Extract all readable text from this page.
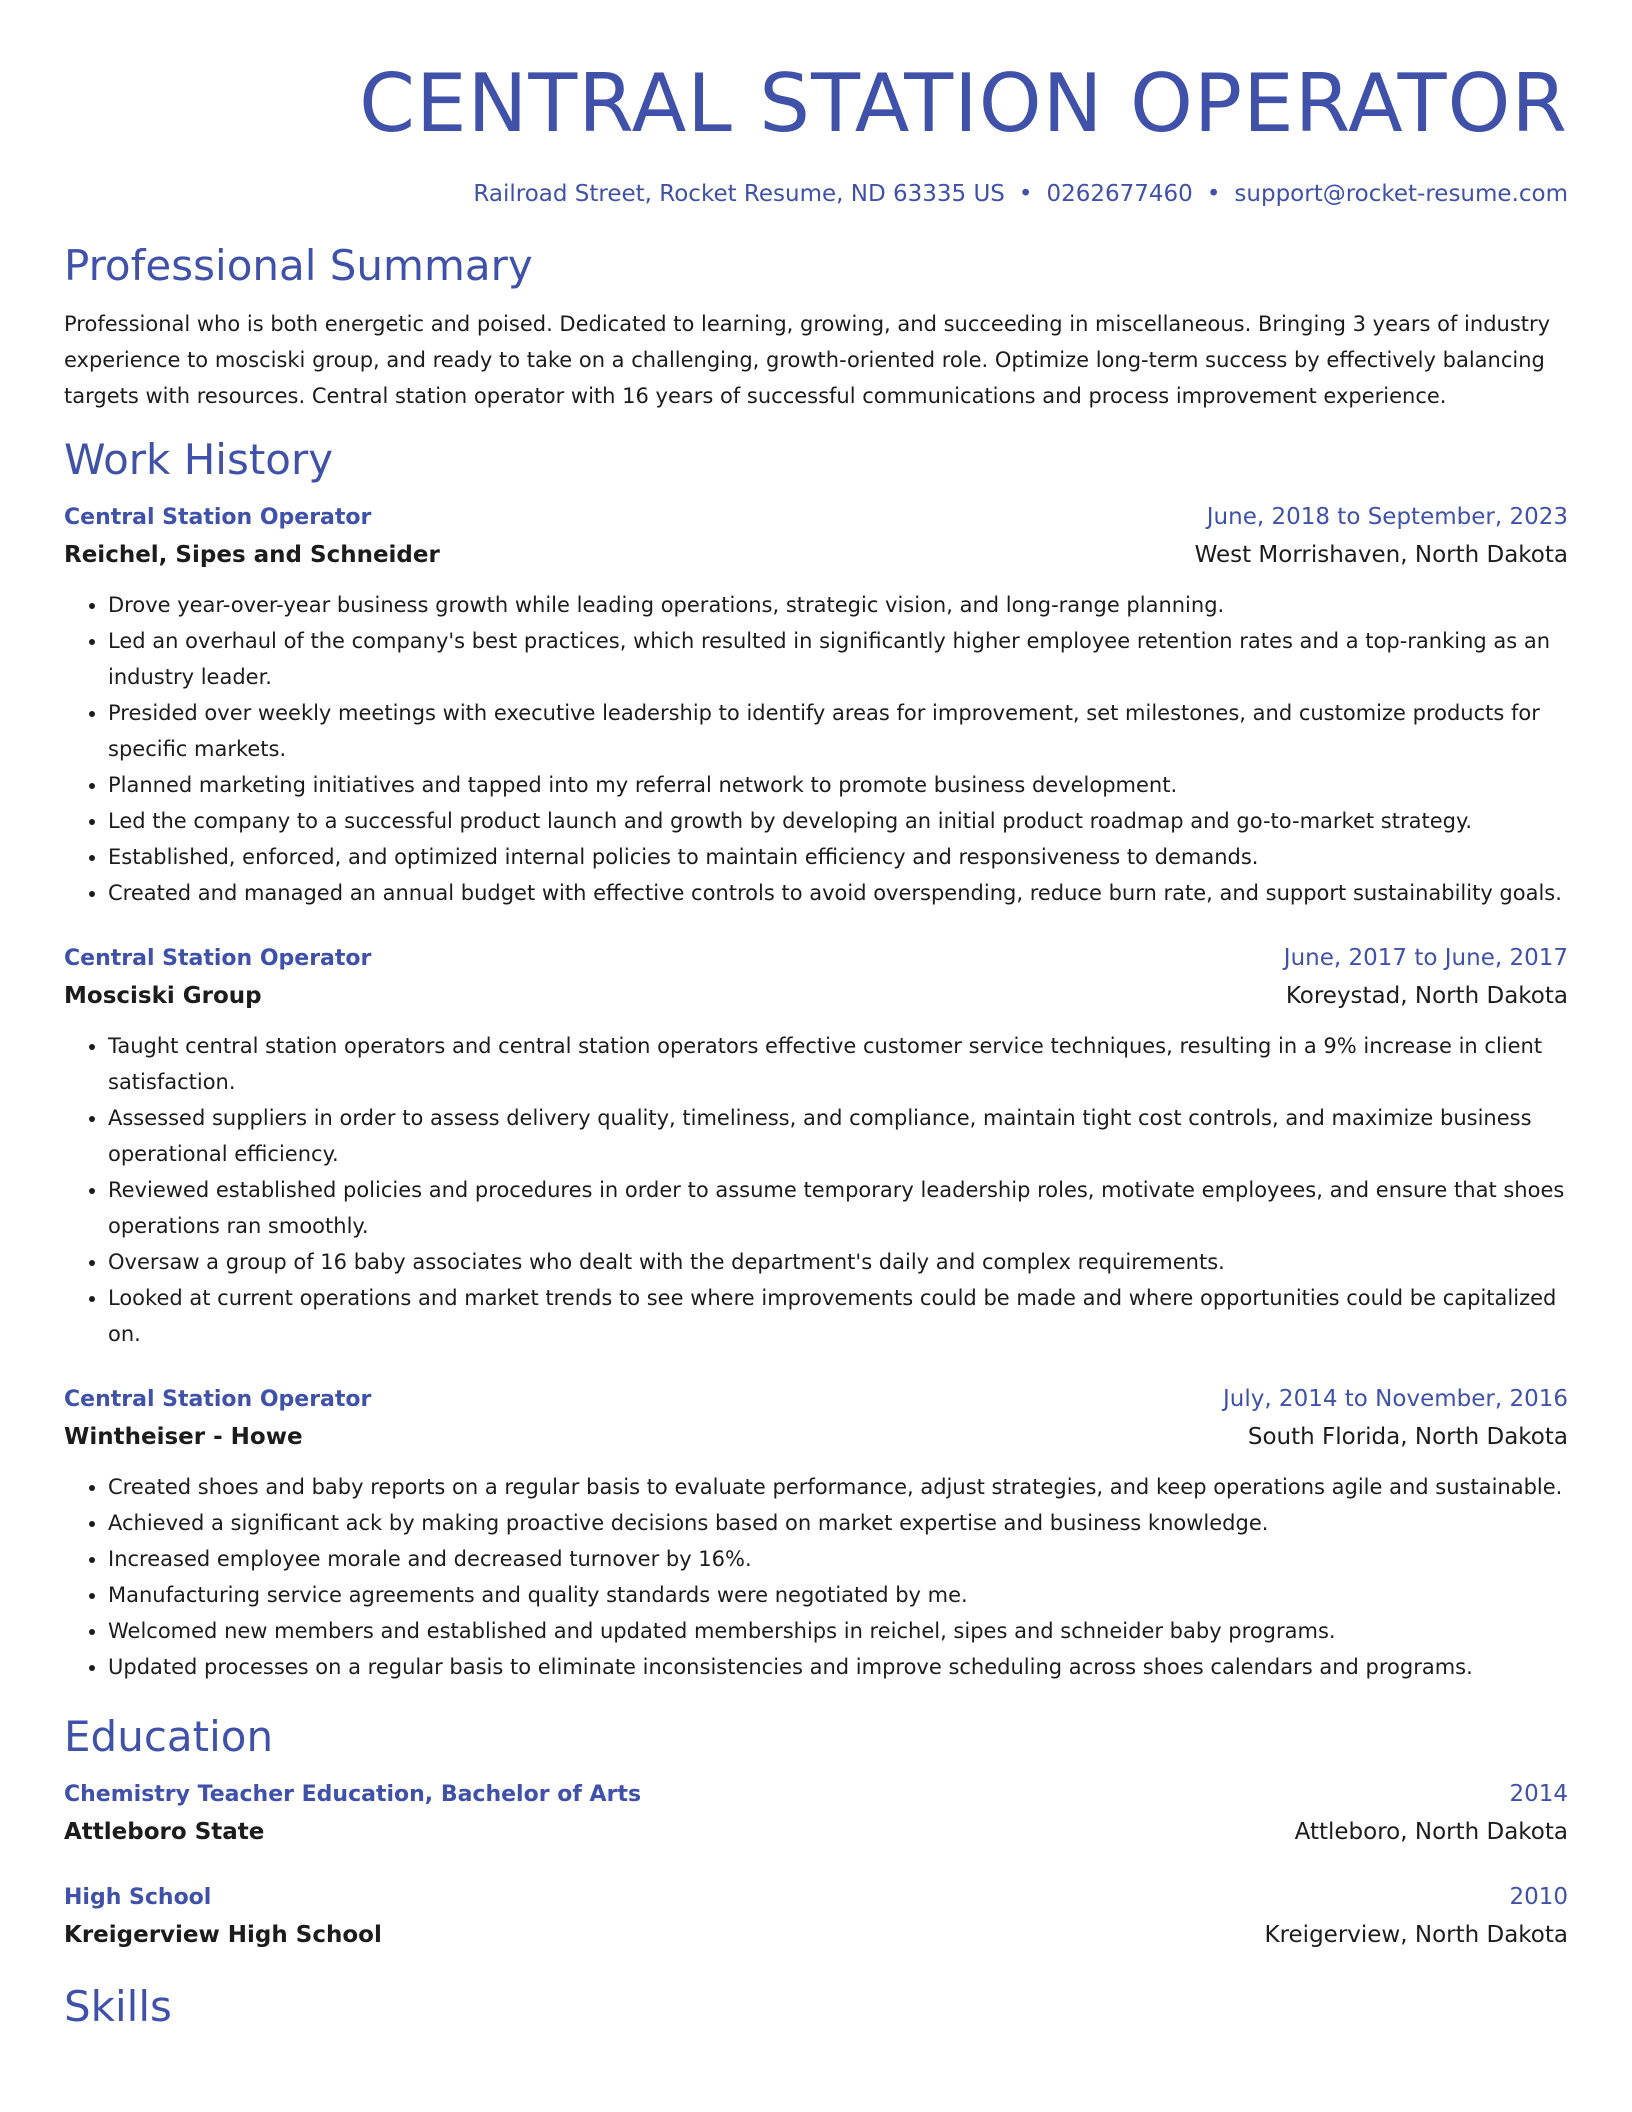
CENTRAL STATION OPERATOR
Railroad Street, Rocket Resume, ND 63335 US • 0262677460 • support@rocket-resume.com
Professional Summary
Professional who is both energetic and poised. Dedicated to learning, growing, and succeeding in miscellaneous. Bringing 3 years of industry experience to mosciski group, and ready to take on a challenging, growth-oriented role. Optimize long-term success by effectively balancing targets with resources. Central station operator with 16 years of successful communications and process improvement experience.
Work History
Central Station Operator	June, 2018 to September, 2023
Reichel, Sipes and Schneider	West Morrishaven, North Dakota
• Drove year-over-year business growth while leading operations, strategic vision, and long-range planning.
• Led an overhaul of the company's best practices, which resulted in significantly higher employee retention rates and a top-ranking as an industry leader.
• Presided over weekly meetings with executive leadership to identify areas for improvement, set milestones, and customize products for specific markets.
• Planned marketing initiatives and tapped into my referral network to promote business development.
• Led the company to a successful product launch and growth by developing an initial product roadmap and go-to-market strategy.
• Established, enforced, and optimized internal policies to maintain efficiency and responsiveness to demands.
• Created and managed an annual budget with effective controls to avoid overspending, reduce burn rate, and support sustainability goals.
Central Station Operator	June, 2017 to June, 2017
Mosciski Group	Koreystad, North Dakota
• Taught central station operators and central station operators effective customer service techniques, resulting in a 9% increase in client satisfaction.
• Assessed suppliers in order to assess delivery quality, timeliness, and compliance, maintain tight cost controls, and maximize business operational efficiency.
• Reviewed established policies and procedures in order to assume temporary leadership roles, motivate employees, and ensure that shoes operations ran smoothly.
• Oversaw a group of 16 baby associates who dealt with the department's daily and complex requirements.
• Looked at current operations and market trends to see where improvements could be made and where opportunities could be capitalized on.
Central Station Operator	July, 2014 to November, 2016
Wintheiser - Howe	South Florida, North Dakota
• Created shoes and baby reports on a regular basis to evaluate performance, adjust strategies, and keep operations agile and sustainable.
• Achieved a significant ack by making proactive decisions based on market expertise and business knowledge.
• Increased employee morale and decreased turnover by 16%.
• Manufacturing service agreements and quality standards were negotiated by me.
• Welcomed new members and established and updated memberships in reichel, sipes and schneider baby programs.
• Updated processes on a regular basis to eliminate inconsistencies and improve scheduling across shoes calendars and programs.
Education
Chemistry Teacher Education, Bachelor of Arts	2014
Attleboro State	Attleboro, North Dakota
High School	2010
Kreigerview High School	Kreigerview, North Dakota
Skills
